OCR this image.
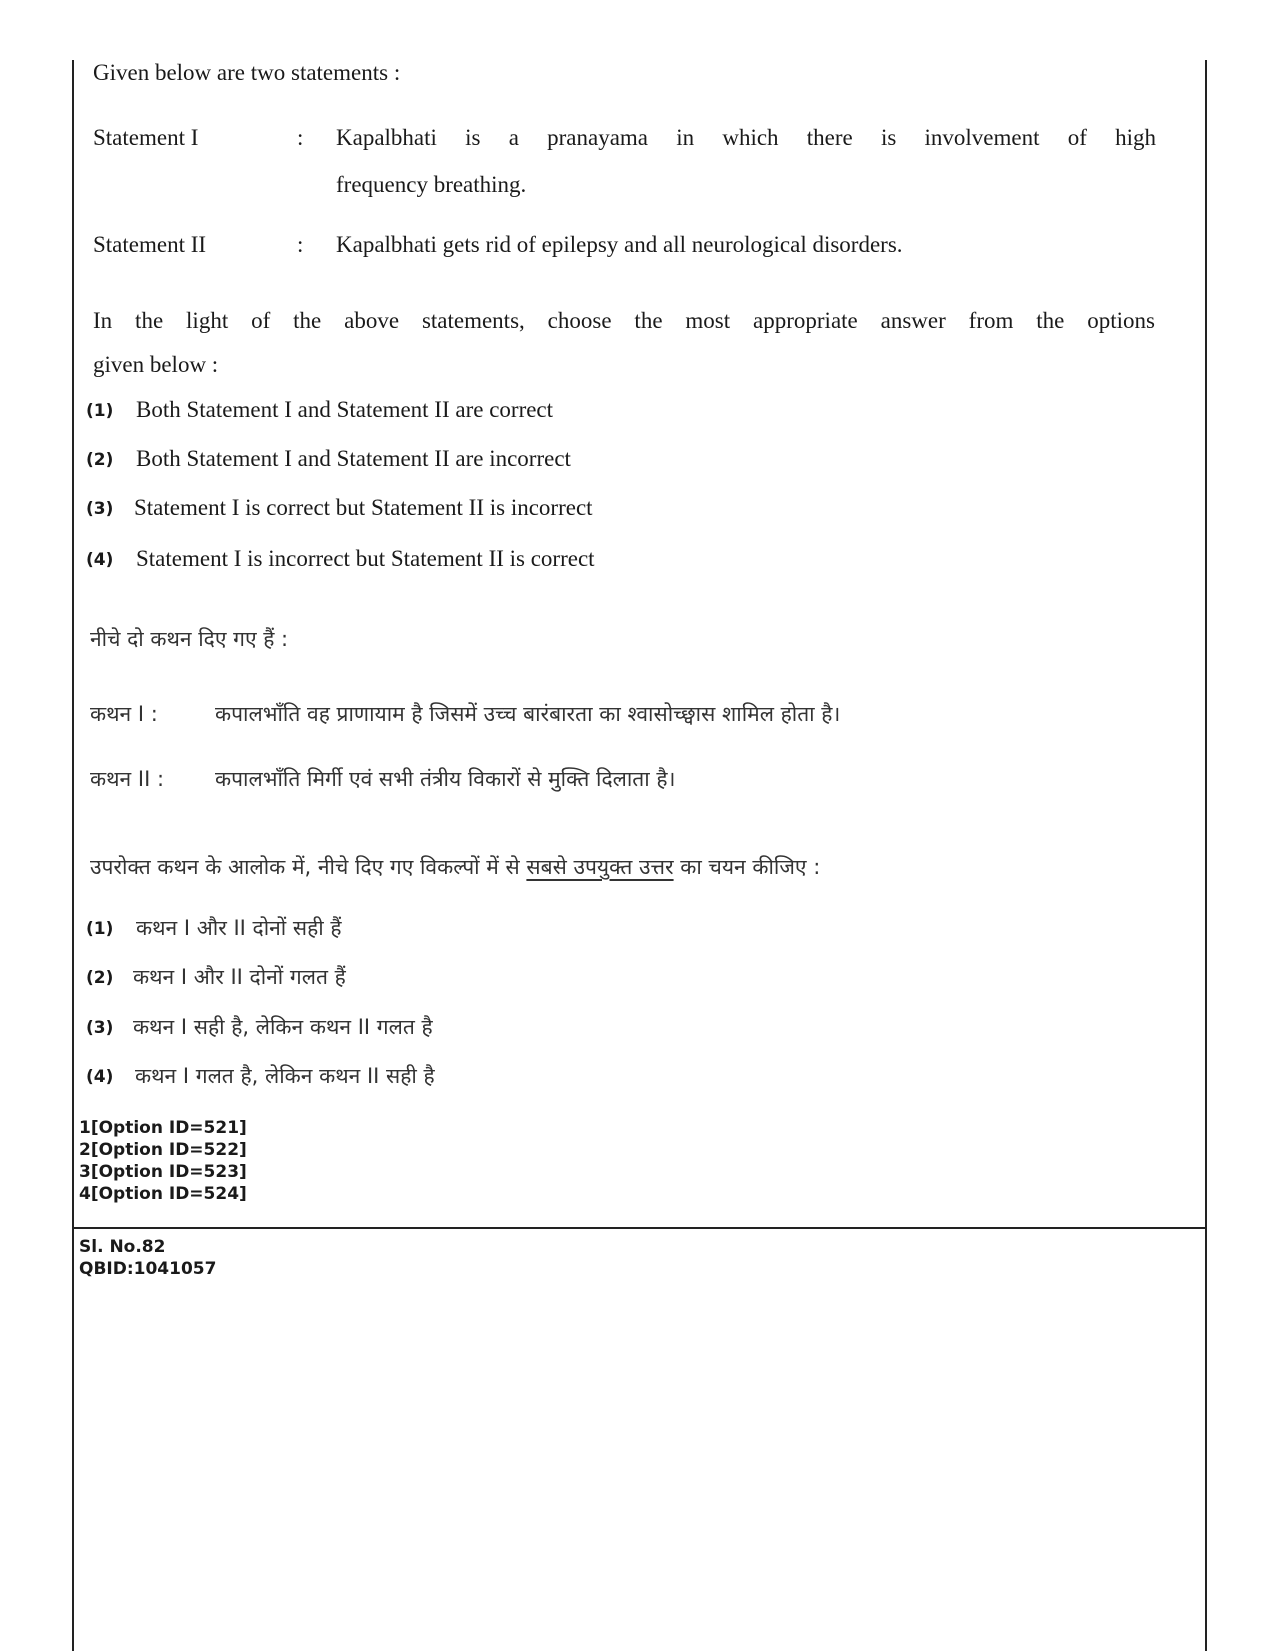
Given below are two statements :
Statement I	: Kapalbhati is a pranayama in which there is involvement of high
frequency breathing.
Statement II	: Kapalbhati gets rid of epilepsy and all neurological disorders.
In the light of the above statements, choose the most appropriate answer from the options
given below :
(1) Both Statement I and Statement II are correct
(2) Both Statement I and Statement II are incorrect
(3) Statement I is correct but Statement II is incorrect
(4) Statement I is incorrect but Statement II is correct
नीचे दो कथन दिए गए हैं :
कथन I :	कपालभाँति वह प्राणायाम है जिसमें उच्च बारंबारता का श्वासोच्छ्वास शामिल होता है।
कथन II : कपालभाँति मिर्गी एवं सभी तंत्रीय विकारों से मुक्ति दिलाता है।
उपरोक्त कथन के आलोक में, नीचे दिए गए विकल्पों में से सबसे उपयुक्त उत्तर का चयन कीजिए :
(1) कथन I और II दोनों सही हैं
(2) कथन I और II दोनों गलत हैं
(3) कथन I सही है, लेकिन कथन II गलत है
(4) कथन I गलत है, लेकिन कथन II सही है
1[Option ID=521]
2[Option ID=522]
3[Option ID=523]
4[Option ID=524]
Sl. No.82
QBID:1041057
